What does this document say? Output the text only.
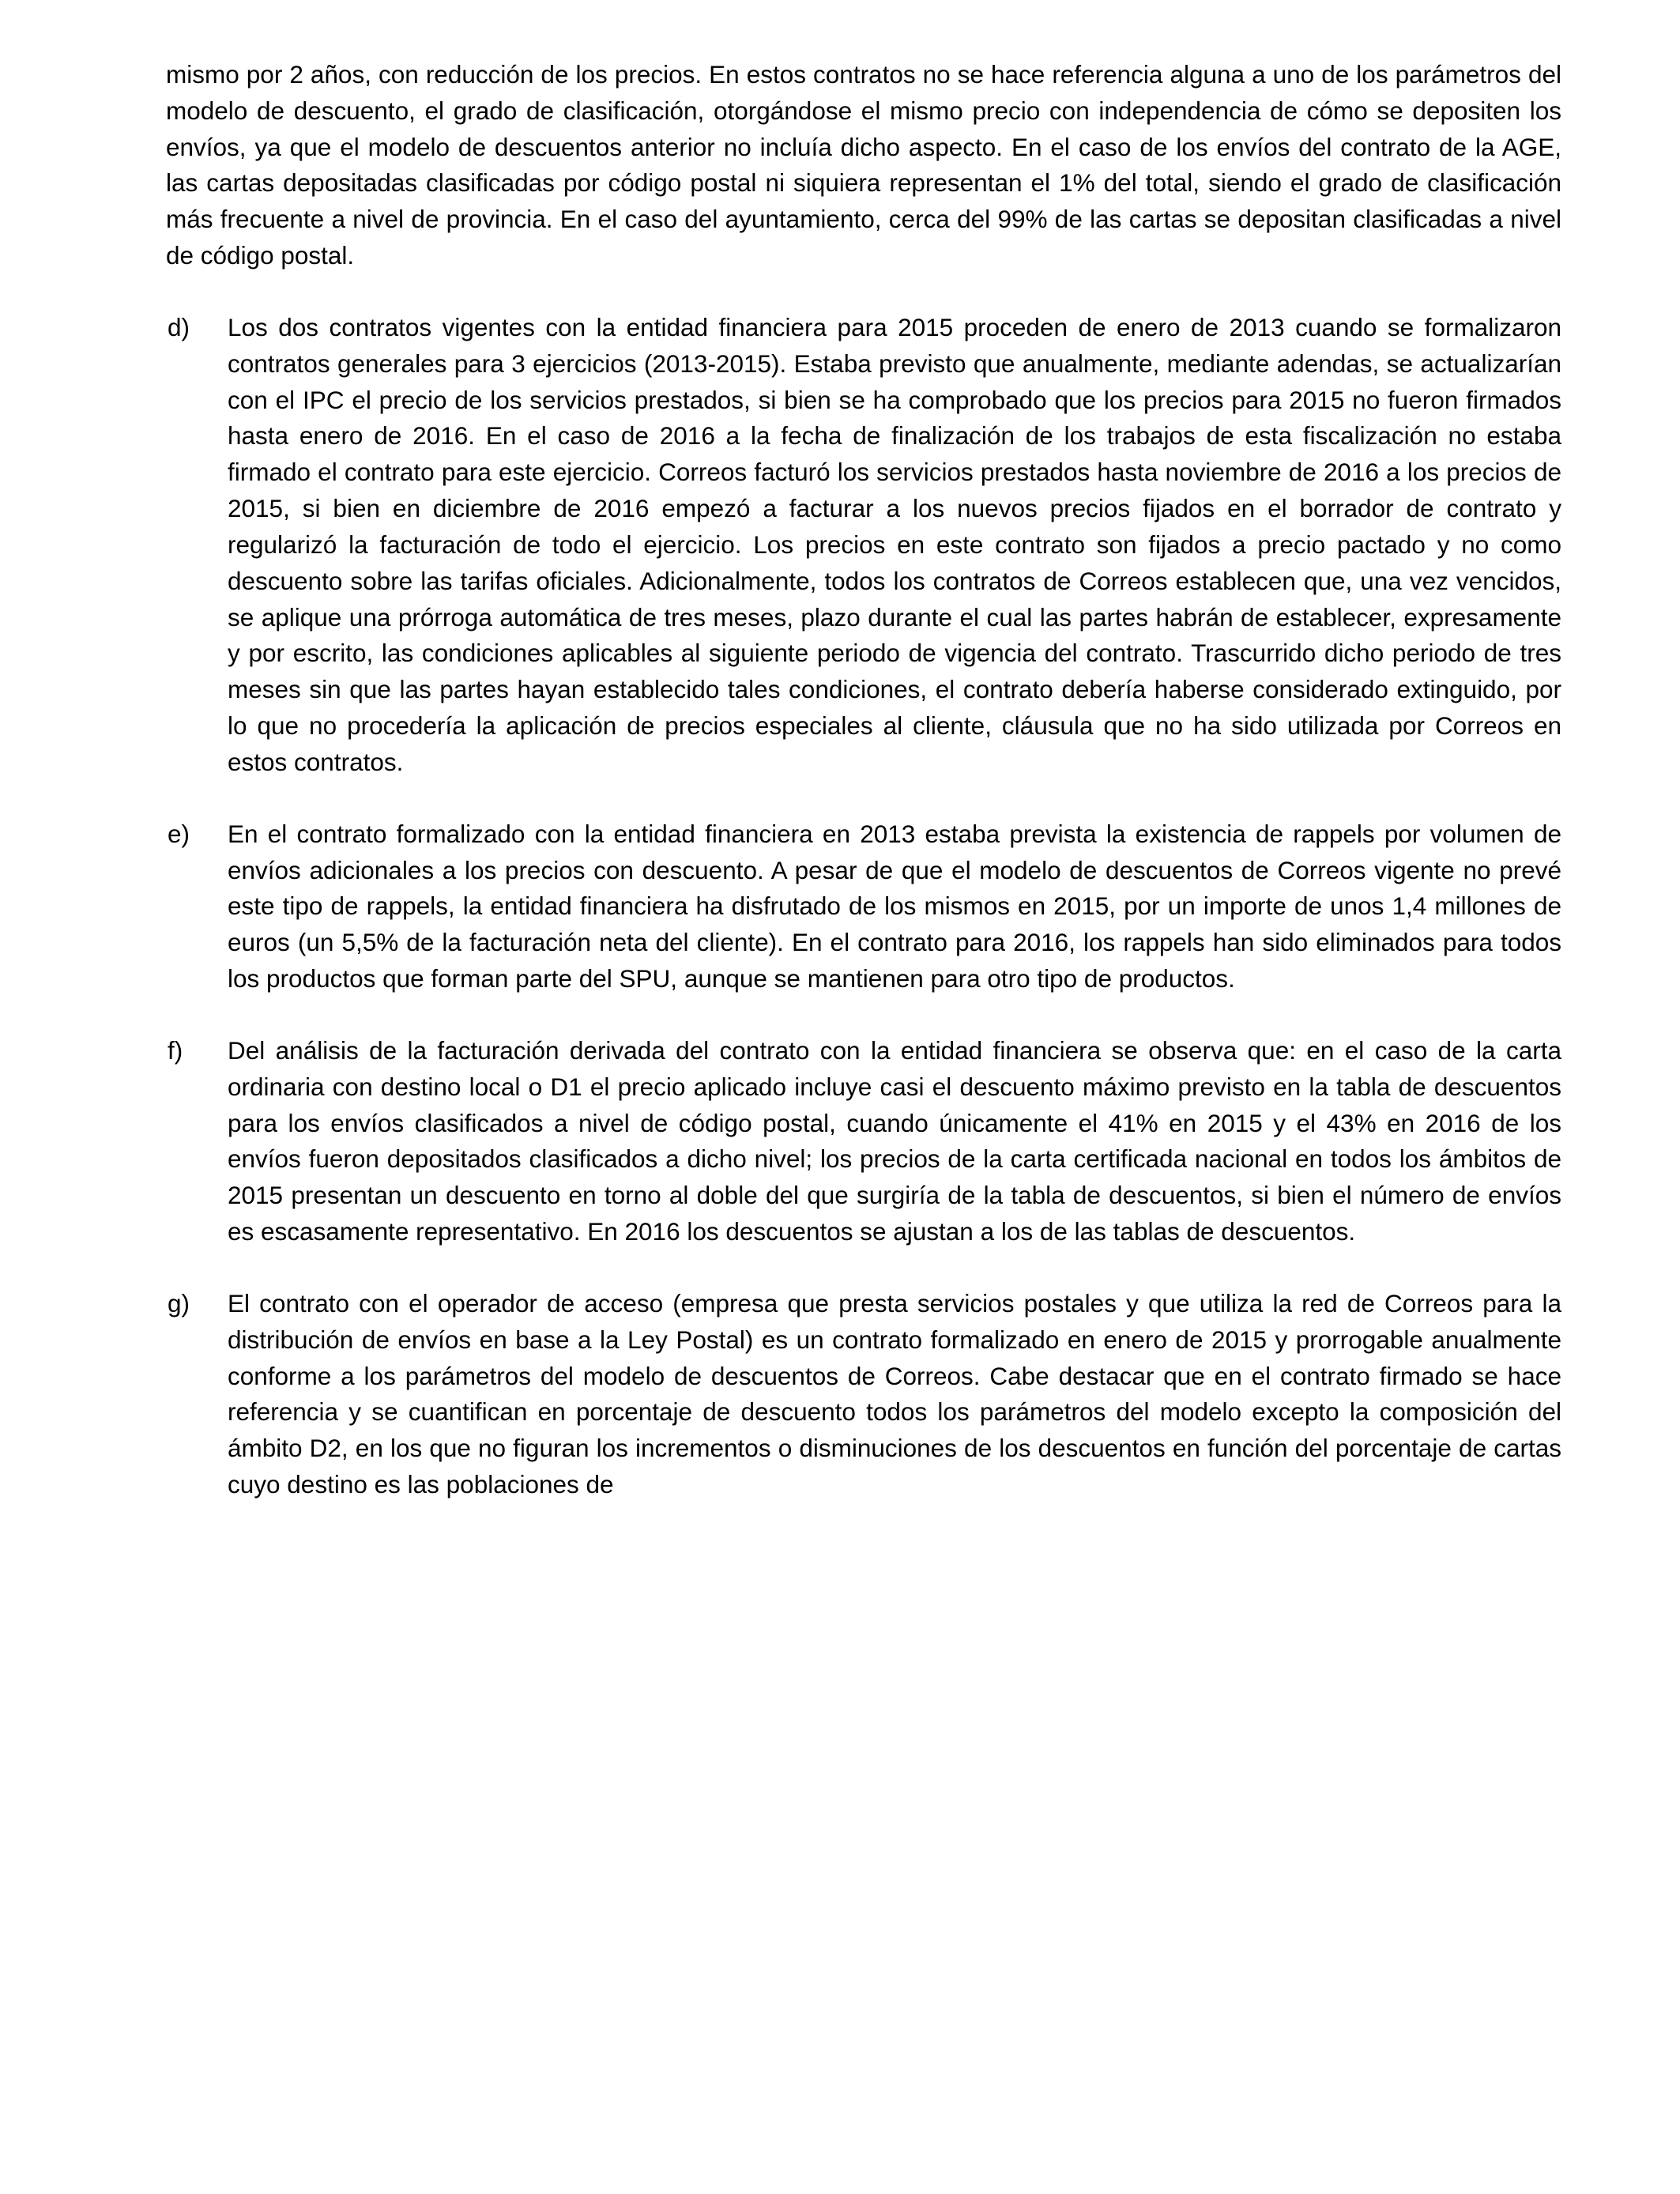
mismo por 2 años, con reducción de los precios. En estos contratos no se hace referencia alguna a uno de los parámetros del modelo de descuento, el grado de clasificación, otorgándose el mismo precio con independencia de cómo se depositen los envíos, ya que el modelo de descuentos anterior no incluía dicho aspecto. En el caso de los envíos del contrato de la AGE, las cartas depositadas clasificadas por código postal ni siquiera representan el 1% del total, siendo el grado de clasificación más frecuente a nivel de provincia. En el caso del ayuntamiento, cerca del 99% de las cartas se depositan clasificadas a nivel de código postal.

d)	Los dos contratos vigentes con la entidad financiera para 2015 proceden de enero de 2013 cuando se formalizaron contratos generales para 3 ejercicios (2013-2015). Estaba previsto que anualmente, mediante adendas, se actualizarían con el IPC el precio de los servicios prestados, si bien se ha comprobado que los precios para 2015 no fueron firmados hasta enero de 2016. En el caso de 2016 a la fecha de finalización de los trabajos de esta fiscalización no estaba firmado el contrato para este ejercicio. Correos facturó los servicios prestados hasta noviembre de 2016 a los precios de 2015, si bien en diciembre de 2016 empezó a facturar a los nuevos precios fijados en el borrador de contrato y regularizó la facturación de todo el ejercicio. Los precios en este contrato son fijados a precio pactado y no como descuento sobre las tarifas oficiales. Adicionalmente, todos los contratos de Correos establecen que, una vez vencidos, se aplique una prórroga automática de tres meses, plazo durante el cual las partes habrán de establecer, expresamente y por escrito, las condiciones aplicables al siguiente periodo de vigencia del contrato. Trascurrido dicho periodo de tres meses sin que las partes hayan establecido tales condiciones, el contrato debería haberse considerado extinguido, por lo que no procedería la aplicación de precios especiales al cliente, cláusula que no ha sido utilizada por Correos en estos contratos.
e)	En el contrato formalizado con la entidad financiera en 2013 estaba prevista la existencia de rappels por volumen de envíos adicionales a los precios con descuento. A pesar de que el modelo de descuentos de Correos vigente no prevé este tipo de rappels, la entidad financiera ha disfrutado de los mismos en 2015, por un importe de unos 1,4 millones de euros (un 5,5% de la facturación neta del cliente). En el contrato para 2016, los rappels han sido eliminados para todos los productos que forman parte del SPU, aunque se mantienen para otro tipo de productos.
f)	Del análisis de la facturación derivada del contrato con la entidad financiera se observa que: en el caso de la carta ordinaria con destino local o D1 el precio aplicado incluye casi el descuento máximo previsto en la tabla de descuentos para los envíos clasificados a nivel de código postal, cuando únicamente el 41% en 2015 y el 43% en 2016 de los envíos fueron depositados clasificados a dicho nivel; los precios de la carta certificada nacional en todos los ámbitos de 2015 presentan un descuento en torno al doble del que surgiría de la tabla de descuentos, si bien el número de envíos es escasamente representativo. En 2016 los descuentos se ajustan a los de las tablas de descuentos.
g)	El contrato con el operador de acceso (empresa que presta servicios postales y que utiliza la red de Correos para la distribución de envíos en base a la Ley Postal) es un contrato formalizado en enero de 2015 y prorrogable anualmente conforme a los parámetros del modelo de descuentos de Correos. Cabe destacar que en el contrato firmado se hace referencia y se cuantifican en porcentaje de descuento todos los parámetros del modelo excepto la composición del ámbito D2, en los que no figuran los incrementos o disminuciones de los descuentos en función del porcentaje de cartas cuyo destino es las poblaciones de
